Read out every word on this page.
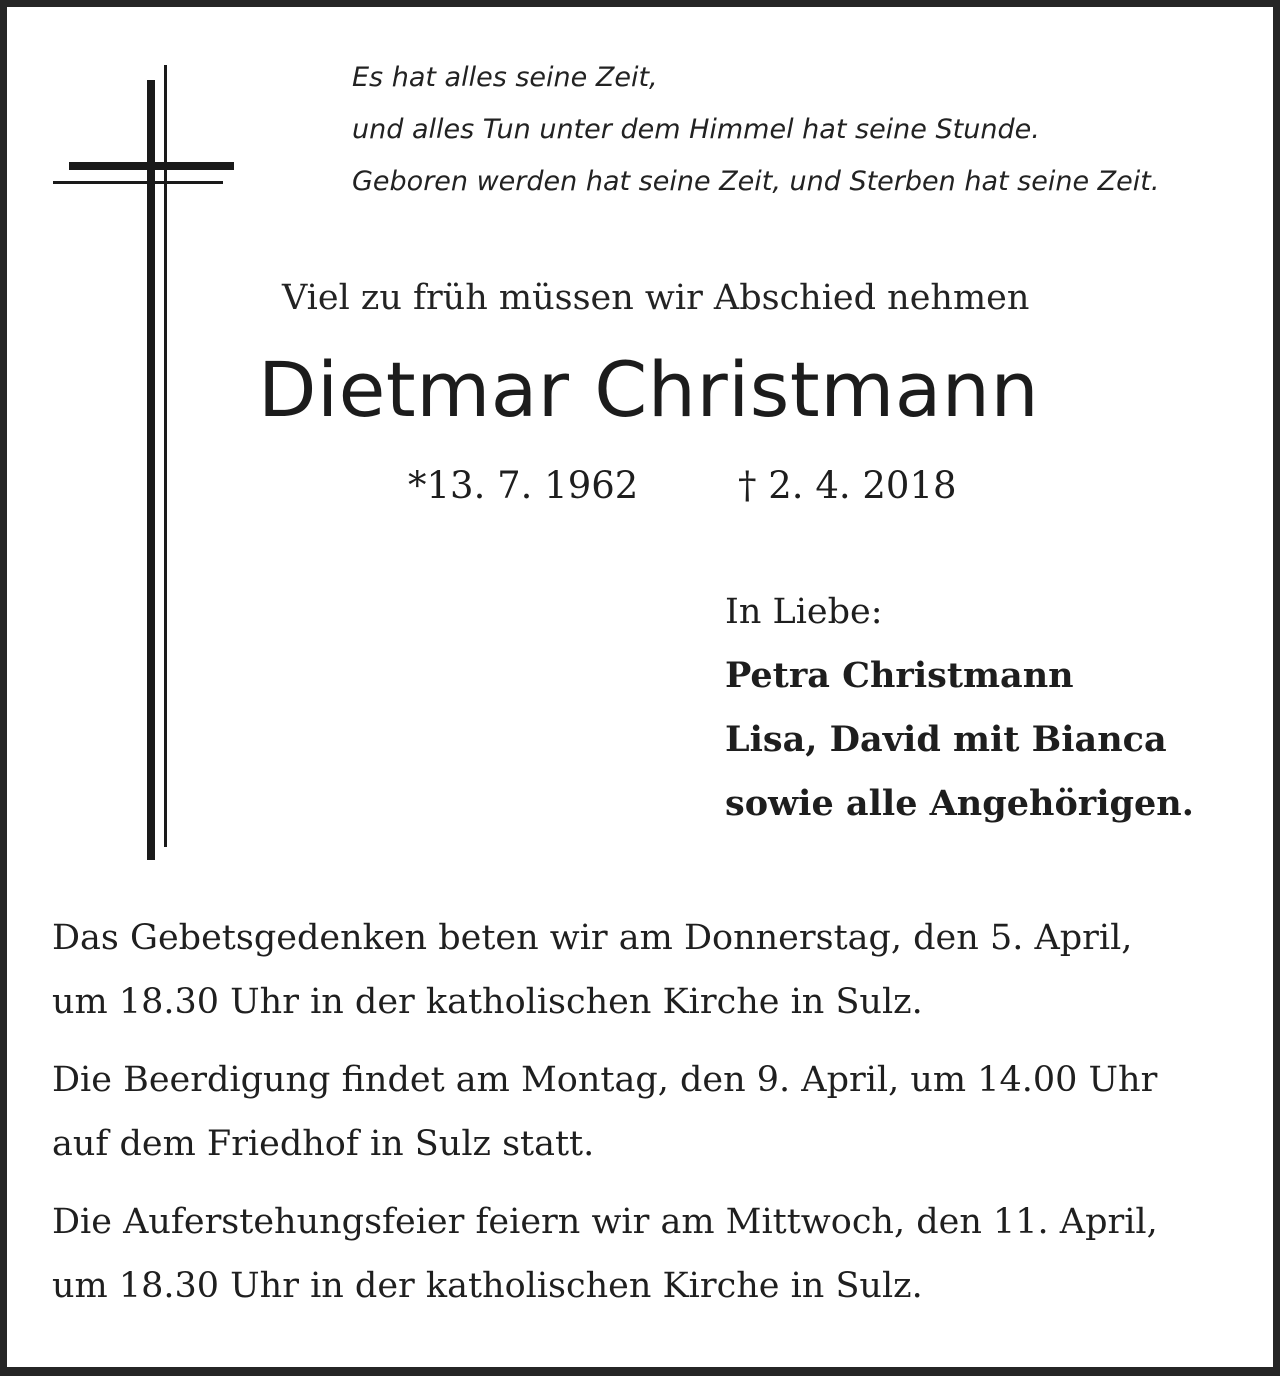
Es hat alles seine Zeit,
und alles Tun unter dem Himmel hat seine Stunde.
Geboren werden hat seine Zeit, und Sterben hat seine Zeit.
Viel zu früh müssen wir Abschied nehmen
Dietmar Christmann
*13. 7. 1962	† 2. 4. 2018
In Liebe:
Petra Christmann
Lisa, David mit Bianca
sowie alle Angehörigen.
Das Gebetsgedenken beten wir am Donnerstag, den 5. April,
um 18.30 Uhr in der katholischen Kirche in Sulz.
Die Beerdigung findet am Montag, den 9. April, um 14.00 Uhr
auf dem Friedhof in Sulz statt.
Die Auferstehungsfeier feiern wir am Mittwoch, den 11. April,
um 18.30 Uhr in der katholischen Kirche in Sulz.
